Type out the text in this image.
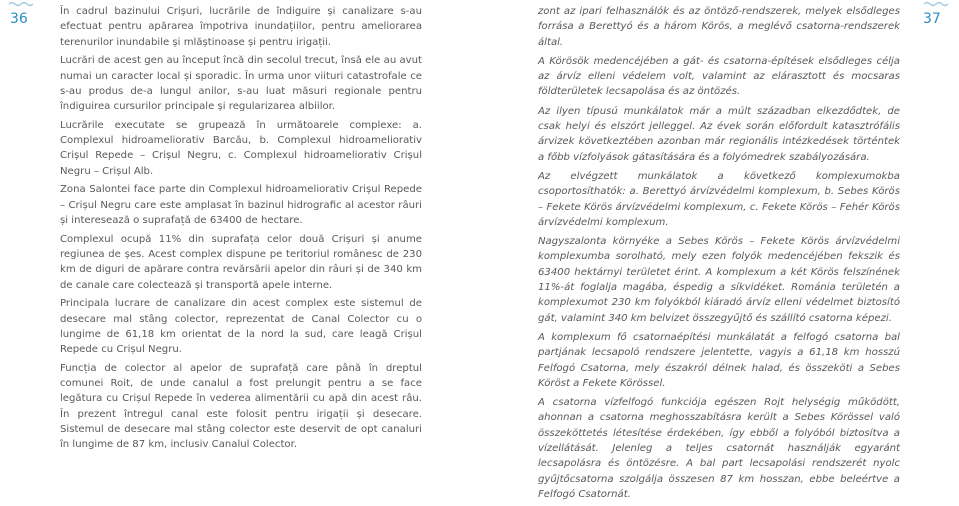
36	În cadrul bazinului Crișuri, lucrările de îndiguire și canalizare s-au efectuat pentru apărarea împotriva inundațiilor, pentru ameliorarea terenurilor inundabile și mlăștinoase și pentru irigații.

Lucrări de acest gen au început încă din secolul trecut, însă ele au avut numai un caracter local și sporadic. În urma unor viituri catastrofale ce s-au produs de-a lungul anilor, s-au luat măsuri regionale pentru îndiguirea cursurilor principale și regularizarea albiilor.

Lucrările executate se grupează în următoarele complexe: a. Complexul hidroameliorativ Barcău, b. Complexul hidroameliorativ Crișul Repede – Crișul Negru, c. Complexul hidroameliorativ Crișul Negru – Crișul Alb.

Zona Salontei face parte din Complexul hidroameliorativ Crișul Repede – Crișul Negru care este amplasat în bazinul hidrografic al acestor râuri și interesează o suprafață de 63400 de hectare.

Complexul ocupă 11% din suprafața celor două Crișuri și anume regiunea de șes. Acest complex dispune pe teritoriul românesc de 230 km de diguri de apărare contra revărsării apelor din râuri și de 340 km de canale care colectează și transportă apele interne.

Principala lucrare de canalizare din acest complex este sistemul de desecare mal stâng colector, reprezentat de Canal Colector cu o lungime de 61,18 km orientat de la nord la sud, care leagă Crișul Repede cu Crișul Negru.

Funcția de colector al apelor de suprafață care până în dreptul comunei Roit, de unde canalul a fost prelungit pentru a se face legătura cu Crișul Repede în vederea alimentării cu apă din acest râu. În prezent întregul canal este folosit pentru irigații și desecare. Sistemul de desecare mal stâng colector este deservit de opt canaluri în lungime de 87 km, inclusiv Canalul Colector.

zont az ipari felhasználók és az öntöző-rendszerek, melyek elsődleges forrása a Berettyó és a három Körös, a meglévő csatorna-rendszerek által.

A Körösök medencéjében a gát- és csatorna-építések elsődleges célja az árvíz elleni védelem volt, valamint az elárasztott és mocsaras földterületek lecsapolása és az öntözés.

Az ilyen típusú munkálatok már a múlt században elkezdődtek, de csak helyi és elszórt jelleggel. Az évek során előfordult katasztrófális árvizek következtében azonban már regionális intézkedések történtek a főbb vízfolyások gátasítására és a folyómedrek szabályozására.

Az elvégzett munkálatok a következő komplexumokba csoportosíthatók: a. Berettyó árvízvédelmi komplexum, b. Sebes Körös – Fekete Körös árvízvédelmi komplexum, c. Fekete Körös – Fehér Körös árvízvédelmi komplexum.

Nagyszalonta környéke a Sebes Körös – Fekete Körös árvízvédelmi komplexumba sorolható, mely ezen folyók medencéjében fekszik és 63400 hektárnyi területet érint. A komplexum a két Körös felszínének 11%-át foglalja magába, éspedig a síkvidéket. Románia területén a komplexumot 230 km folyókból kiáradó árvíz elleni védelmet biztosító gát, valamint 340 km belvizet összegyűjtő és szállító csatorna képezi.

A komplexum fő csatornaépítési munkálatát a felfogó csatorna bal partjának lecsapoló rendszere jelentette, vagyis a 61,18 km hosszú Felfogó Csatorna, mely északról délnek halad, és összeköti a Sebes Köröst a Fekete Körössel.

A csatorna vízfelfogó funkciója egészen Rojt helységig működött, ahonnan a csatorna meghosszabításra került a Sebes Körössel való összeköttetés létesítése érdekében, így ebből a folyóból biztosítva a vízellátását. Jelenleg a teljes csatornát használják egyaránt lecsapolásra és öntözésre. A bal part lecsapolási rendszerét nyolc gyűjtőcsatorna szolgálja összesen 87 km hosszan, ebbe beleértve a Felfogó Csatornát.

37
